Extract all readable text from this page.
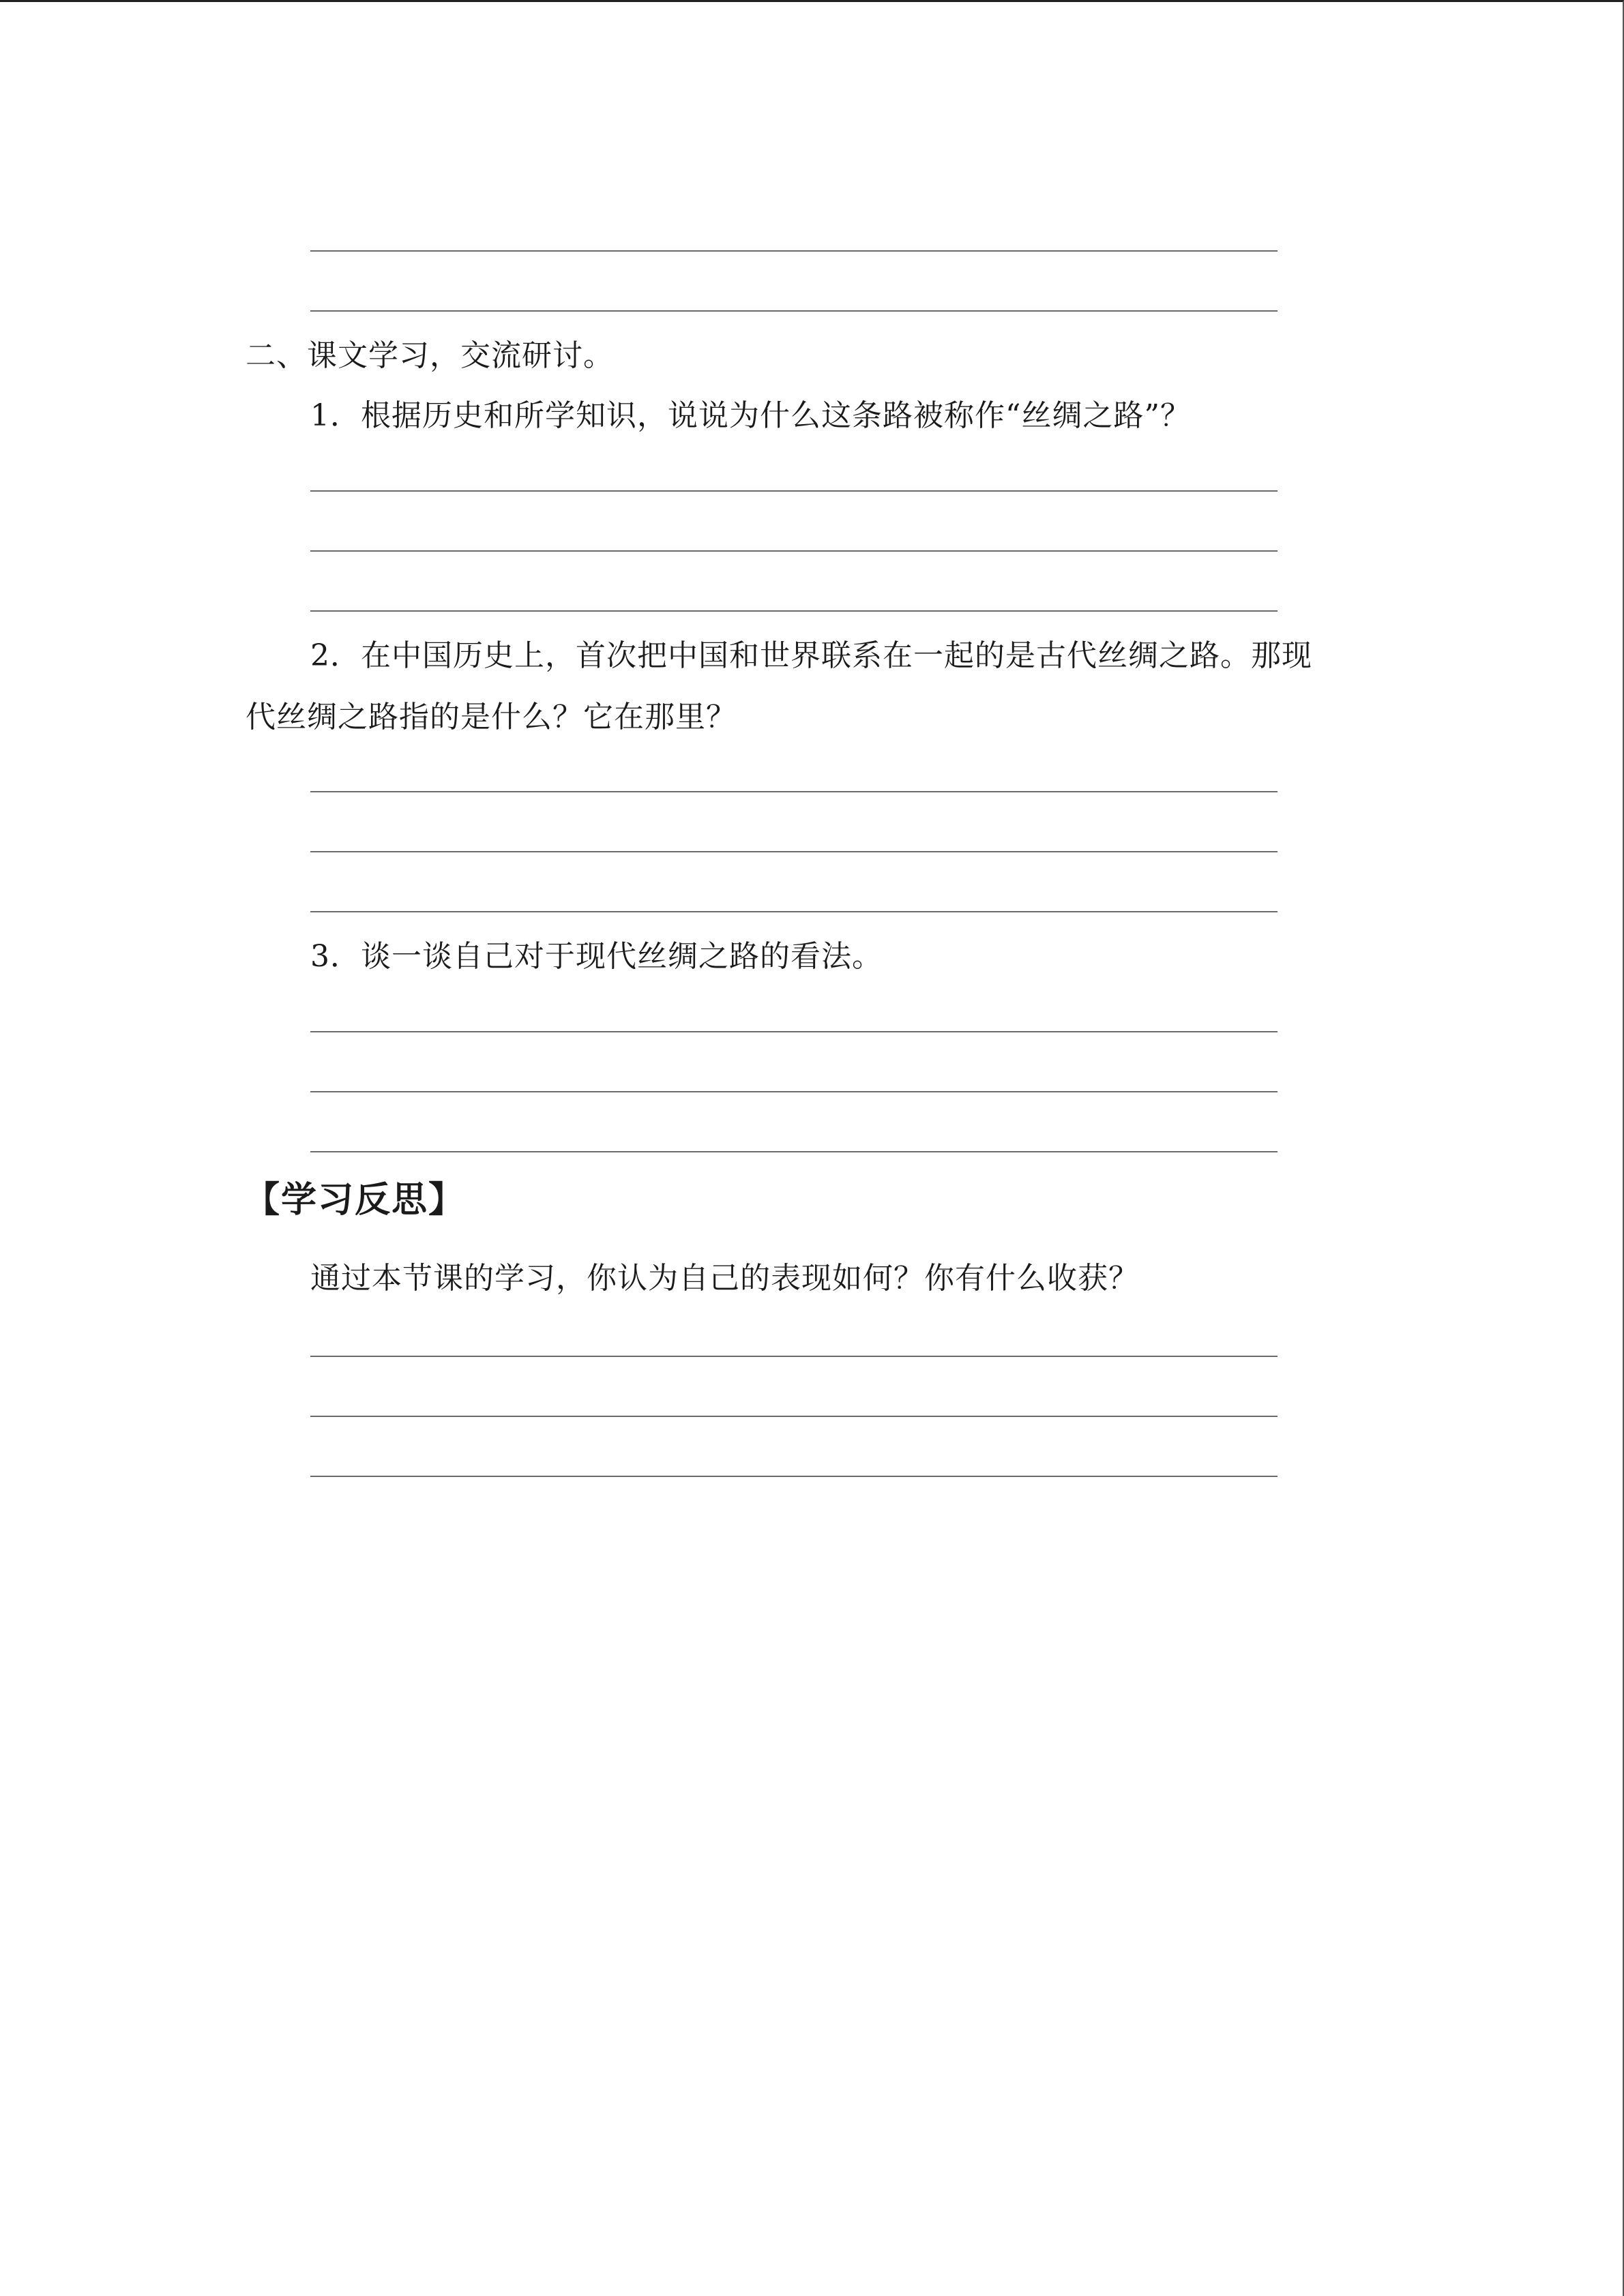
二、课文学习，交流研讨。
1．根据历史和所学知识，说说为什么这条路被称作“丝绸之路”？
2．在中国历史上，首次把中国和世界联系在一起的是古代丝绸之路。那现
代丝绸之路指的是什么？它在那里？
3．谈一谈自己对于现代丝绸之路的看法。
【学习反思】
通过本节课的学习，你认为自己的表现如何？你有什么收获？
